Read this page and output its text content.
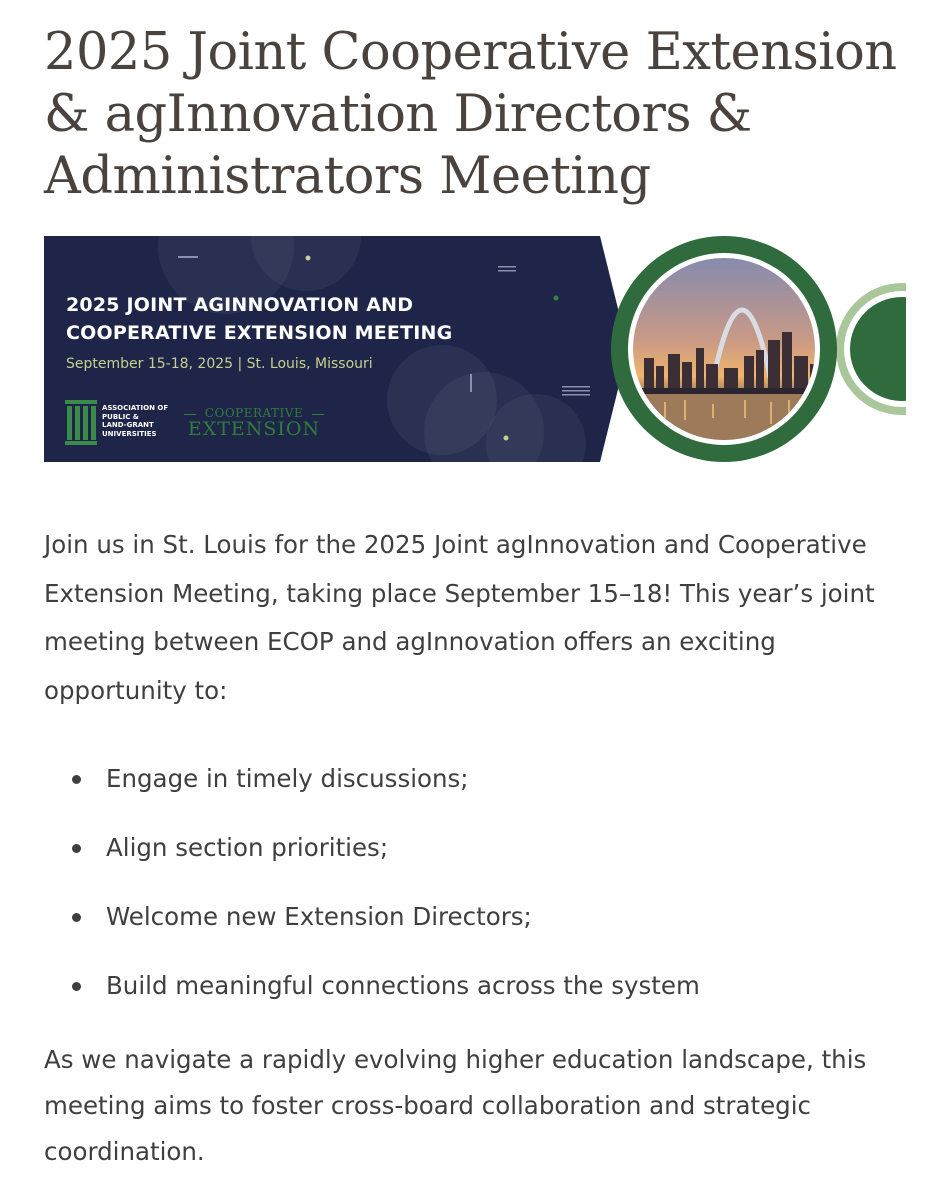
2025 Joint Cooperative Extension & agInnovation Directors & Administrators Meeting
2025 JOINT AGINNOVATION AND
COOPERATIVE EXTENSION MEETING
September 15-18, 2025 | St. Louis, Missouri
ASSOCIATION OF
PUBLIC &
LAND-GRANT
UNIVERSITIES
COOPERATIVE
EXTENSION

Join us in St. Louis for the 2025 Joint agInnovation and Cooperative Extension Meeting, taking place September 15–18! This year’s joint meeting between ECOP and agInnovation offers an exciting opportunity to:

Engage in timely discussions;
Align section priorities;
Welcome new Extension Directors;
Build meaningful connections across the system

As we navigate a rapidly evolving higher education landscape, this meeting aims to foster cross-board collaboration and strategic coordination.
